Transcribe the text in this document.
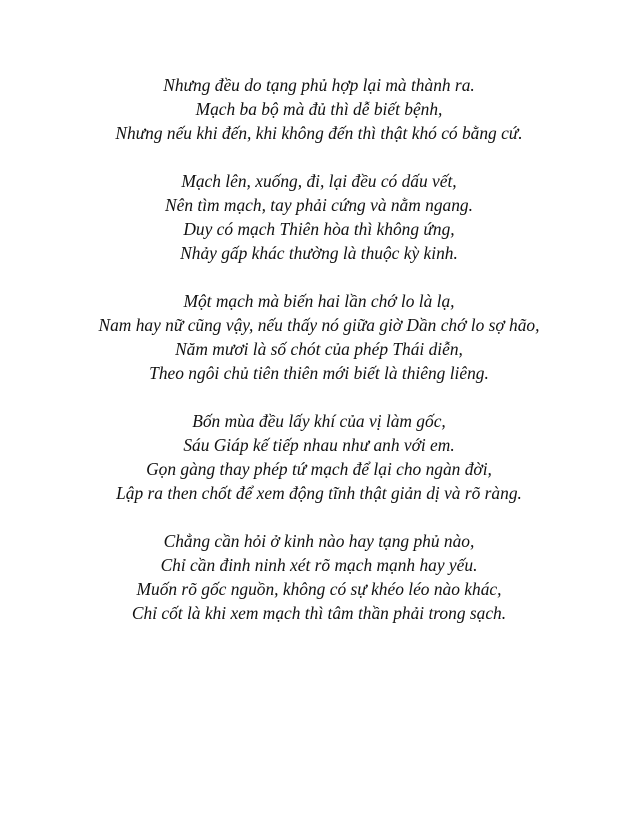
Nhưng đều do tạng phủ hợp lại mà thành ra.
Mạch ba bộ mà đủ thì dễ biết bệnh,
Nhưng nếu khi đến, khi không đến thì thật khó có bằng cứ.
Mạch lên, xuống, đi, lại đều có dấu vết,
Nên tìm mạch, tay phải cứng và nằm ngang.
Duy có mạch Thiên hòa thì không ứng,
Nhảy gấp khác thường là thuộc kỳ kinh.
Một mạch mà biến hai lần chớ lo là lạ,
Nam hay nữ cũng vậy, nếu thấy nó giữa giờ Dần chớ lo sợ hão,
Năm mươi là số chót của phép Thái diễn,
Theo ngôi chủ tiên thiên mới biết là thiêng liêng.
Bốn mùa đều lấy khí của vị làm gốc,
Sáu Giáp kế tiếp nhau như anh với em.
Gọn gàng thay phép tứ mạch để lại cho ngàn đời,
Lập ra then chốt để xem động tĩnh thật giản dị và rõ ràng.
Chẳng cần hỏi ở kinh nào hay tạng phủ nào,
Chỉ cần đinh ninh xét rõ mạch mạnh hay yếu.
Muốn rõ gốc nguồn, không có sự khéo léo nào khác,
Chỉ cốt là khi xem mạch thì tâm thần phải trong sạch.
